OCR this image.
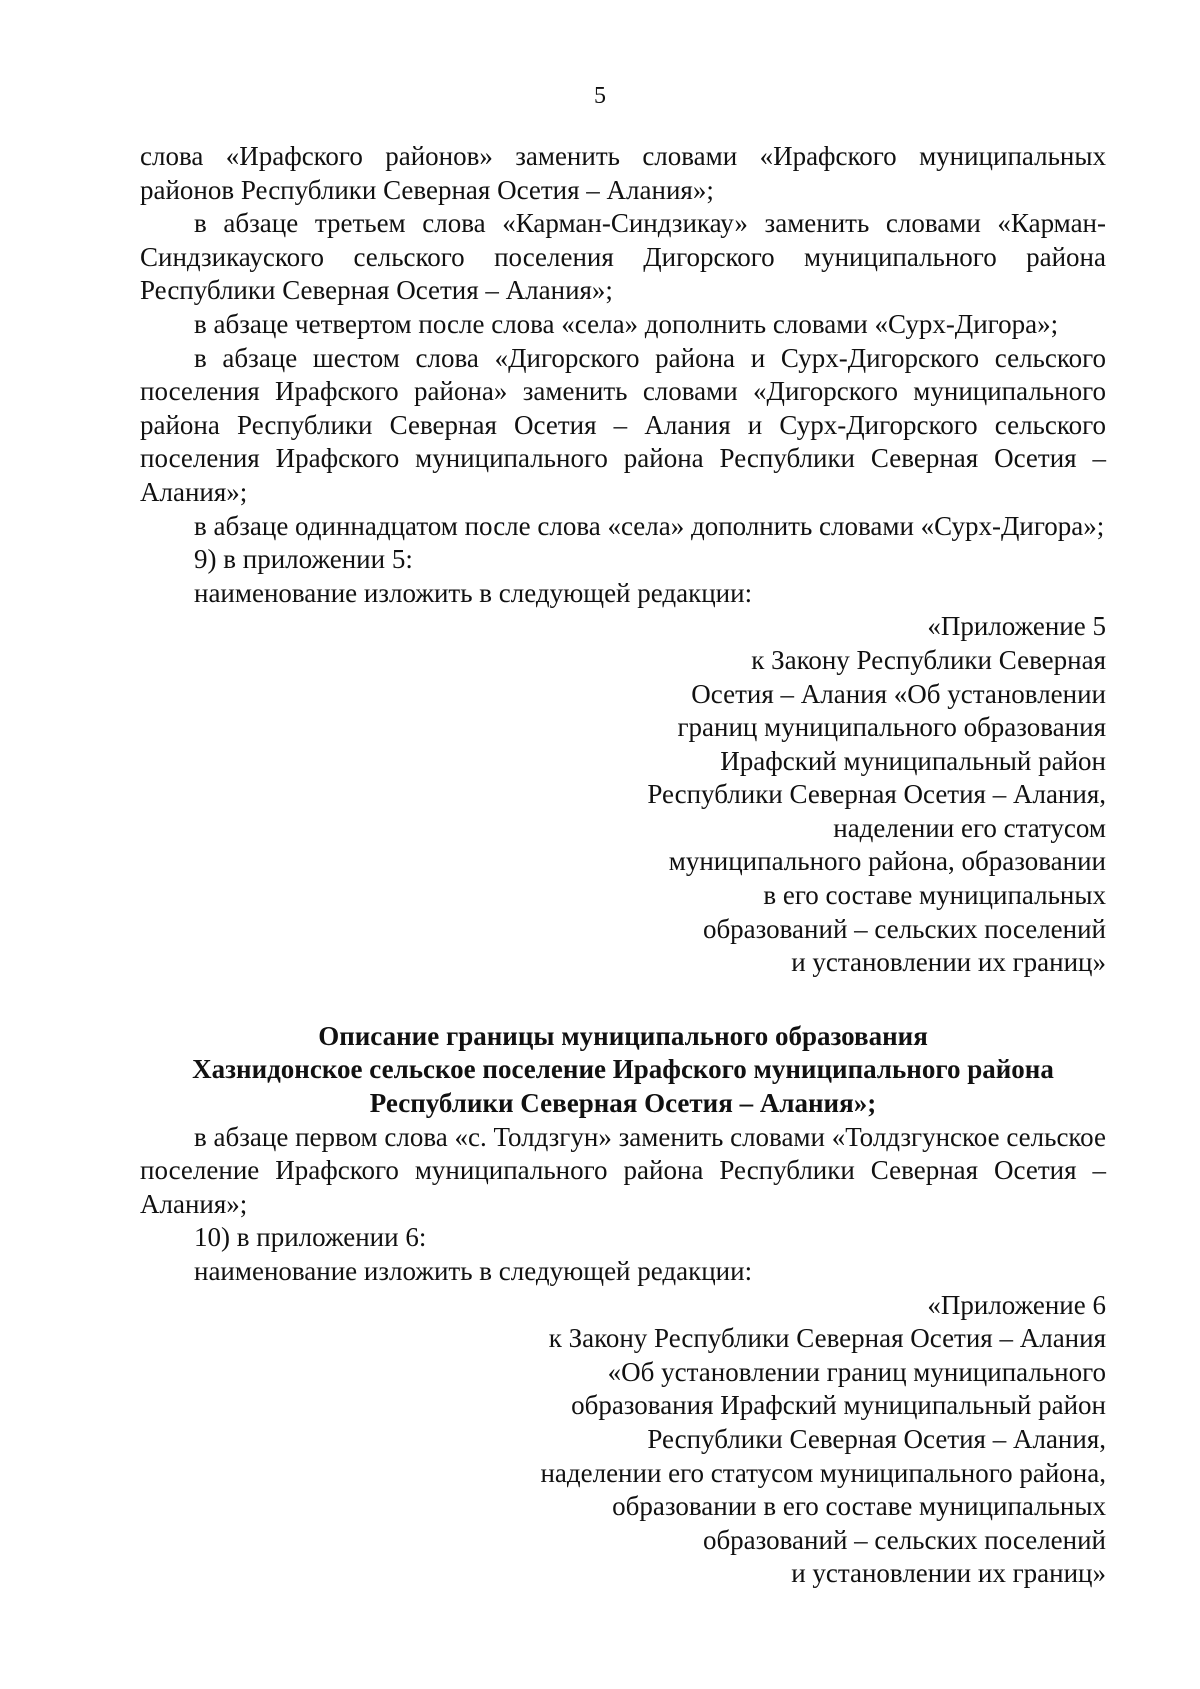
5

слова «Ирафского районов» заменить словами «Ирафского муниципальных районов Республики Северная Осетия – Алания»;

в абзаце третьем слова «Карман-Синдзикау» заменить словами «Карман-Синдзикауского сельского поселения Дигорского муниципального района Республики Северная Осетия – Алания»;

в абзаце четвертом после слова «села» дополнить словами «Сурх-Дигора»;

в абзаце шестом слова «Дигорского района и Сурх-Дигорского сельского поселения Ирафского района» заменить словами «Дигорского муниципального района Республики Северная Осетия – Алания и Сурх-Дигорского сельского поселения Ирафского муниципального района Республики Северная Осетия – Алания»;

в абзаце одиннадцатом после слова «села» дополнить словами «Сурх-Дигора»;

9) в приложении 5:

наименование изложить в следующей редакции:

«Приложение 5
к Закону Республики Северная
Осетия – Алания «Об установлении
границ муниципального образования
Ирафский муниципальный район
Республики Северная Осетия – Алания,
наделении его статусом
муниципального района, образовании
в его составе муниципальных
образований – сельских поселений
и установлении их границ»
Описание границы муниципального образования
Хазнидонское сельское поселение Ирафского муниципального района
Республики Северная Осетия – Алания»;

в абзаце первом слова «с. Толдзгун» заменить словами «Толдзгунское сельское поселение Ирафского муниципального района Республики Северная Осетия – Алания»;

10) в приложении 6:

наименование изложить в следующей редакции:

«Приложение 6
к Закону Республики Северная Осетия – Алания
«Об установлении границ муниципального
образования Ирафский муниципальный район
Республики Северная Осетия – Алания,
наделении его статусом муниципального района,
образовании в его составе муниципальных
образований – сельских поселений
и установлении их границ»
